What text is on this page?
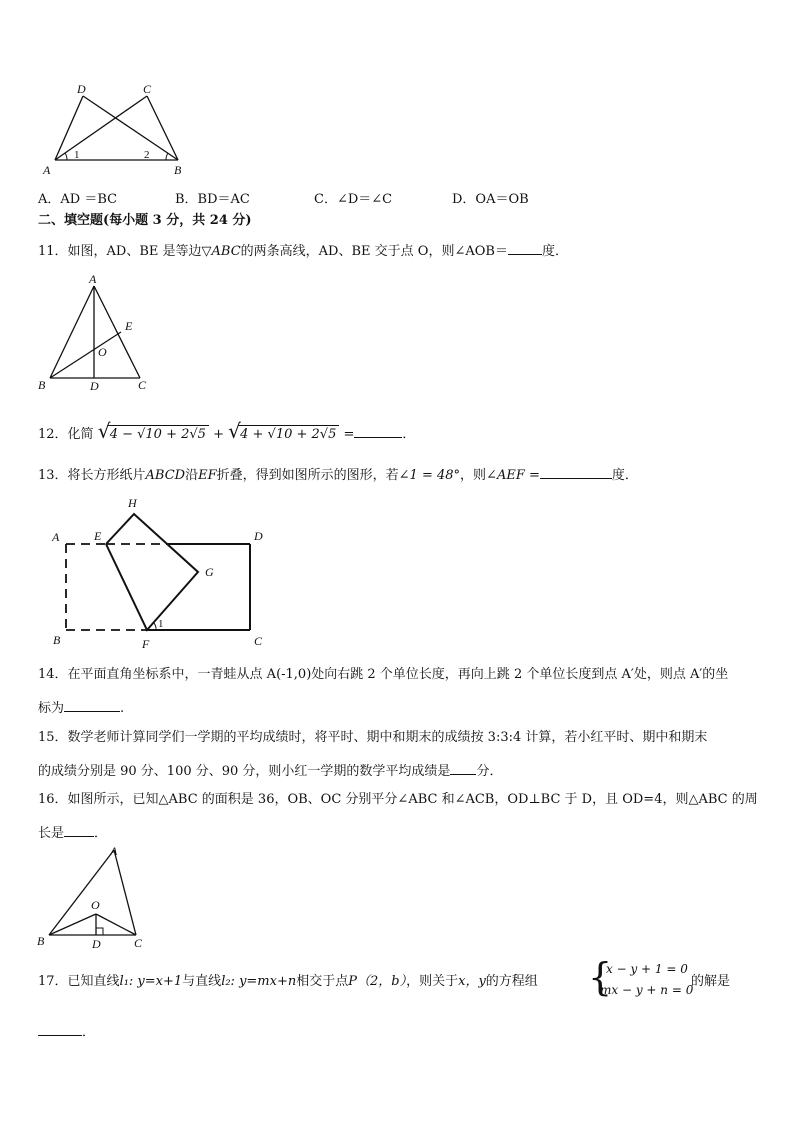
D	C
A	B
1	2
A．AD ＝BC	B．BD＝AC	C．∠D＝∠C	D．OA＝OB
二、填空题(每小题 3 分，共 24 分)
11．如图，AD、BE 是等边▽ABC的两条高线，AD、BE 交于点 O，则∠AOB＝	度．
A
E
O
B	D	C
12．化简 √ 4 − √10 + 2√5 + √ 4 + √10 + 2√5 =	．
13．将长方形纸片ABCD沿EF折叠，得到如图所示的图形，若∠1 = 48°，则∠AEF =	度．
H
A	E	D
G
B	F	C
1
14．在平面直角坐标系中，一青蛙从点 A(-1,0)处向右跳 2 个单位长度，再向上跳 2 个单位长度到点 A′处，则点 A′的坐
标为	.
15．数学老师计算同学们一学期的平均成绩时，将平时、期中和期末的成绩按 3:3:4 计算，若小红平时、期中和期末
的成绩分别是 90 分、100 分、90 分，则小红一学期的数学平均成绩是 分．
16．如图所示，已知△ABC 的面积是 36，OB、OC 分别平分∠ABC 和∠ACB，OD⊥BC 于 D，且 OD=4，则△ABC 的周
长是 ．
A
O
B	D	C
17．已知直线l₁: y=x+1与直线l₂: y=mx+n相交于点P（2，b），则关于x，y的方程组 {
x − y + 1 = 0
mx − y + n = 0
的解是
．
